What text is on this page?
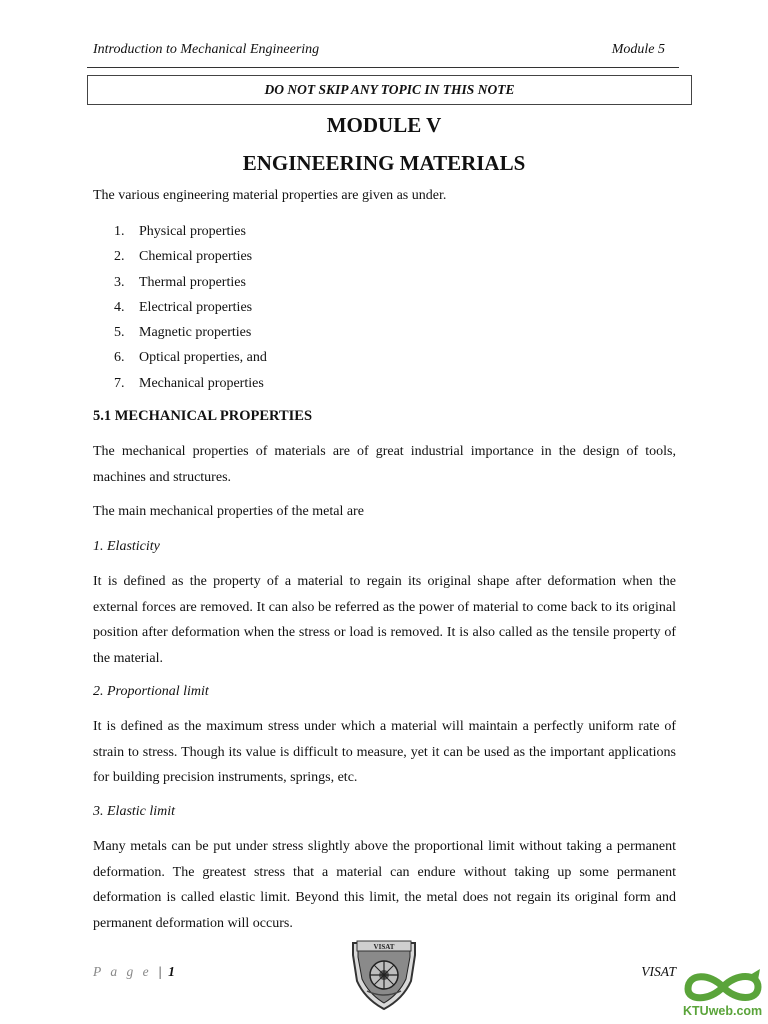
Introduction to Mechanical Engineering	Module 5
DO NOT SKIP ANY TOPIC IN THIS NOTE
MODULE V
ENGINEERING MATERIALS
The various engineering material properties are given as under.
1. Physical properties
2. Chemical properties
3. Thermal properties
4. Electrical properties
5. Magnetic properties
6. Optical properties, and
7. Mechanical properties
5.1 MECHANICAL PROPERTIES
The mechanical properties of materials are of great industrial importance in the design of tools, machines and structures.
The main mechanical properties of the metal are
1. Elasticity
It is defined as the property of a material to regain its original shape after deformation when the external forces are removed. It can also be referred as the power of material to come back to its original position after deformation when the stress or load is removed. It is also called as the tensile property of the material.
2. Proportional limit
It is defined as the maximum stress under which a material will maintain a perfectly uniform rate of strain to stress. Though its value is difficult to measure, yet it can be used as the important applications for building precision instruments, springs, etc.
3. Elastic limit
Many metals can be put under stress slightly above the proportional limit without taking a permanent deformation. The greatest stress that a material can endure without taking up some permanent deformation is called elastic limit. Beyond this limit, the metal does not regain its original form and permanent deformation will occurs.
P a g e | 1	VISAT
VISAT
KTUweb.com
